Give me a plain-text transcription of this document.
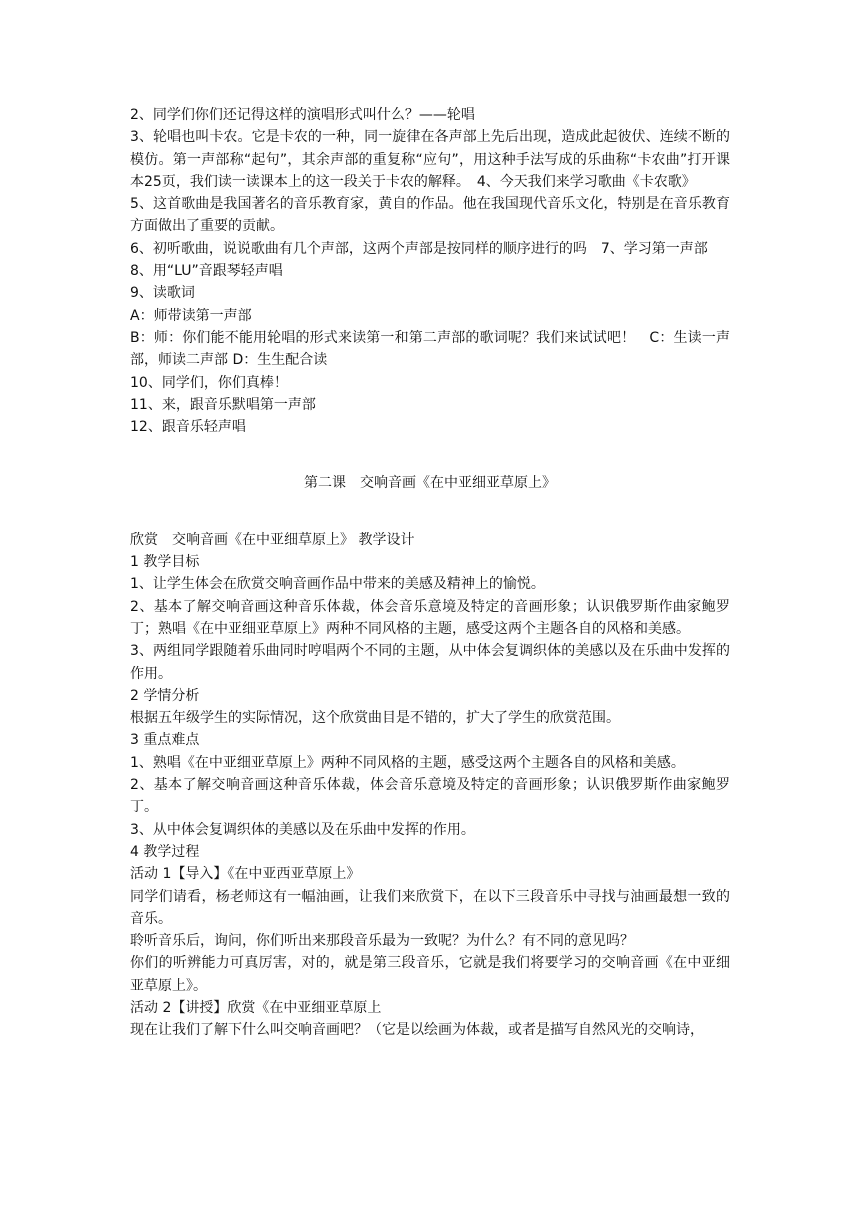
2、同学们你们还记得这样的演唱形式叫什么？——轮唱

3、轮唱也叫卡农。它是卡农的一种，同一旋律在各声部上先后出现，造成此起彼伏、连续不断的模仿。第一声部称“起句”，其余声部的重复称“应句”，用这种手法写成的乐曲称“卡农曲”打开课本25页，我们读一读课本上的这一段关于卡农的解释。　4、今天我们来学习歌曲《卡农歌》

5、这首歌曲是我国著名的音乐教育家，黄自的作品。他在我国现代音乐文化，特别是在音乐教育方面做出了重要的贡献。

6、初听歌曲，说说歌曲有几个声部，这两个声部是按同样的顺序进行的吗　7、学习第一声部

8、用“LU”音跟琴轻声唱

9、读歌词

A：师带读第一声部

B：师：你们能不能用轮唱的形式来读第一和第二声部的歌词呢？我们来试试吧！　C：生读一声部，师读二声部 D：生生配合读

10、同学们，你们真棒！

11、来，跟音乐默唱第一声部

12、跟音乐轻声唱

第二课　交响音画《在中亚细亚草原上》

欣赏　交响音画《在中亚细草原上》 教学设计

1 教学目标

1、让学生体会在欣赏交响音画作品中带来的美感及精神上的愉悦。

2、基本了解交响音画这种音乐体裁，体会音乐意境及特定的音画形象；认识俄罗斯作曲家鲍罗丁；熟唱《在中亚细亚草原上》两种不同风格的主题，感受这两个主题各自的风格和美感。

3、两组同学跟随着乐曲同时哼唱两个不同的主题，从中体会复调织体的美感以及在乐曲中发挥的作用。

2 学情分析

根据五年级学生的实际情况，这个欣赏曲目是不错的，扩大了学生的欣赏范围。

3 重点难点

1、熟唱《在中亚细亚草原上》两种不同风格的主题，感受这两个主题各自的风格和美感。

2、基本了解交响音画这种音乐体裁，体会音乐意境及特定的音画形象；认识俄罗斯作曲家鲍罗丁。

3、从中体会复调织体的美感以及在乐曲中发挥的作用。

4 教学过程

活动 1【导入】《在中亚西亚草原上》

同学们请看，杨老师这有一幅油画，让我们来欣赏下，在以下三段音乐中寻找与油画最想一致的音乐。

聆听音乐后，询问，你们听出来那段音乐最为一致呢？为什么？有不同的意见吗？

你们的听辨能力可真厉害，对的，就是第三段音乐，它就是我们将要学习的交响音画《在中亚细亚草原上》。

活动 2【讲授】欣赏《在中亚细亚草原上

现在让我们了解下什么叫交响音画吧？（它是以绘画为体裁，或者是描写自然风光的交响诗，
